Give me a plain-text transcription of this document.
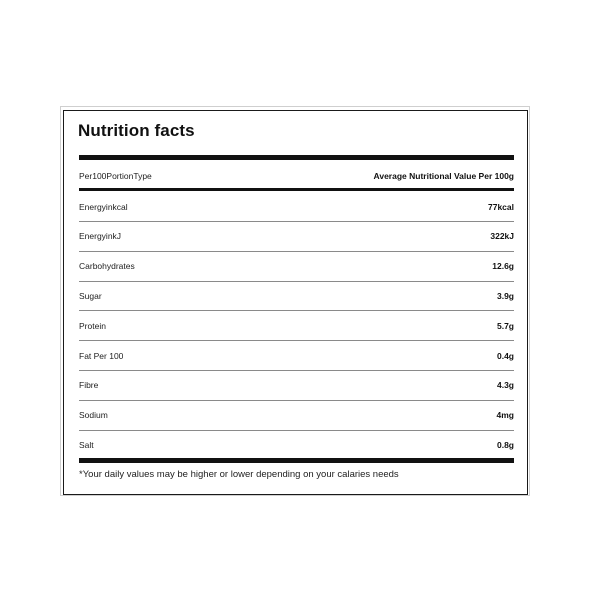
Nutrition facts
Per100PortionType	Average Nutritional Value Per 100g
Energyinkcal	77kcal
EnergyinkJ	322kJ
Carbohydrates	12.6g
Sugar	3.9g
Protein	5.7g
Fat Per 100	0.4g
Fibre	4.3g
Sodium	4mg
Salt	0.8g

*Your daily values may be higher or lower depending on your calaries needs
